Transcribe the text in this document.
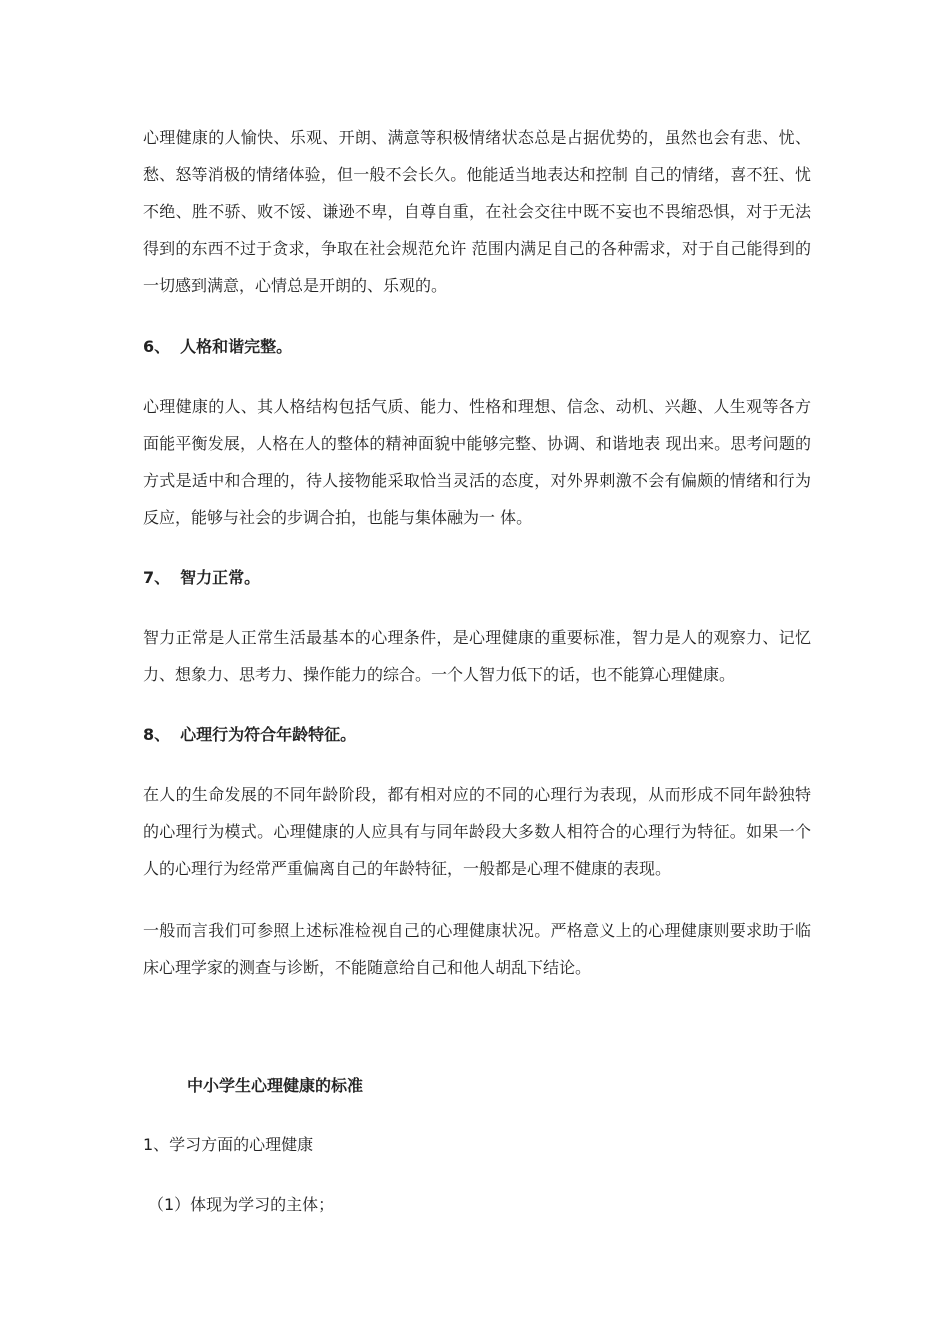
心理健康的人愉快、乐观、开朗、满意等积极情绪状态总是占据优势的，虽然也会有悲、忧、愁、怒等消极的情绪体验，但一般不会长久。他能适当地表达和控制 自己的情绪，喜不狂、忧不绝、胜不骄、败不馁、谦逊不卑，自尊自重，在社会交往中既不妄也不畏缩恐惧，对于无法得到的东西不过于贪求，争取在社会规范允许 范围内满足自己的各种需求，对于自己能得到的一切感到满意，心情总是开朗的、乐观的。

6、 人格和谐完整。

心理健康的人、其人格结构包括气质、能力、性格和理想、信念、动机、兴趣、人生观等各方面能平衡发展，人格在人的整体的精神面貌中能够完整、协调、和谐地表 现出来。思考问题的方式是适中和合理的，待人接物能采取恰当灵活的态度，对外界刺激不会有偏颇的情绪和行为反应，能够与社会的步调合拍，也能与集体融为一 体。

7、 智力正常。

智力正常是人正常生活最基本的心理条件，是心理健康的重要标准，智力是人的观察力、记忆力、想象力、思考力、操作能力的综合。一个人智力低下的话，也不能算心理健康。

8、 心理行为符合年龄特征。

在人的生命发展的不同年龄阶段，都有相对应的不同的心理行为表现，从而形成不同年龄独特的心理行为模式。心理健康的人应具有与同年龄段大多数人相符合的心理行为特征。如果一个人的心理行为经常严重偏离自己的年龄特征，一般都是心理不健康的表现。

一般而言我们可参照上述标准检视自己的心理健康状况。严格意义上的心理健康则要求助于临床心理学家的测查与诊断，不能随意给自己和他人胡乱下结论。

中小学生心理健康的标准

1、学习方面的心理健康

（1）体现为学习的主体；
